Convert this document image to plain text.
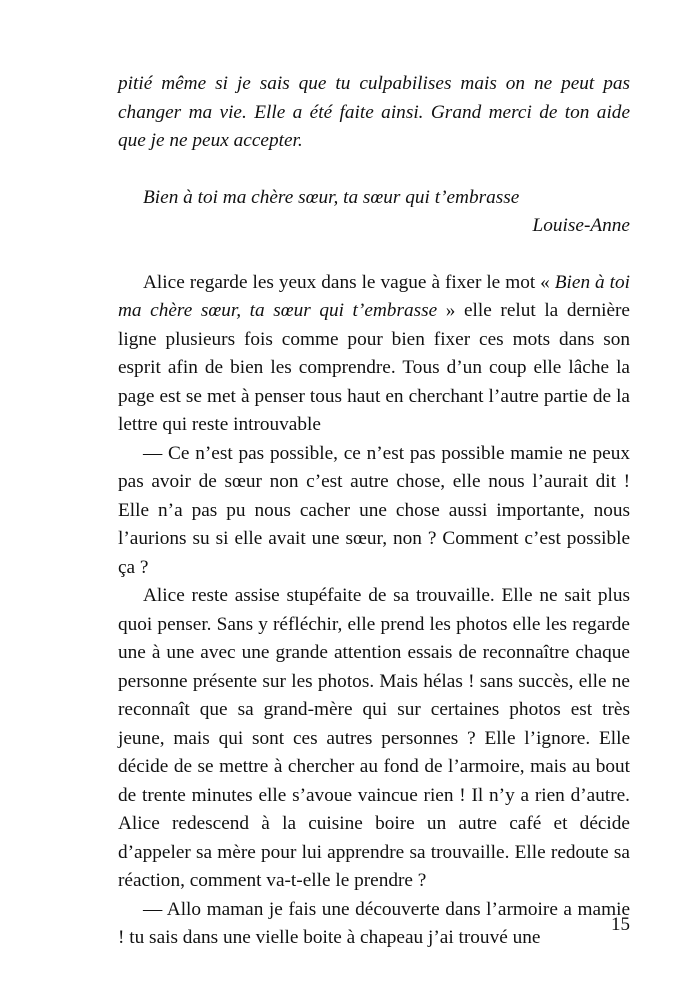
pitié même si je sais que tu culpabilises mais on ne peut pas changer ma vie. Elle a été faite ainsi. Grand merci de ton aide que je ne peux accepter.

Bien à toi ma chère sœur, ta sœur qui t’embrasse

Louise-Anne

Alice regarde les yeux dans le vague à fixer le mot « Bien à toi ma chère sœur, ta sœur qui t’embrasse » elle relut la dernière ligne plusieurs fois comme pour bien fixer ces mots dans son esprit afin de bien les comprendre. Tous d’un coup elle lâche la page est se met à penser tous haut en cherchant l’autre partie de la lettre qui reste introuvable

— Ce n’est pas possible, ce n’est pas possible mamie ne peux pas avoir de sœur non c’est autre chose, elle nous l’aurait dit ! Elle n’a pas pu nous cacher une chose aussi importante, nous l’aurions su si elle avait une sœur, non ? Comment c’est possible ça ?

Alice reste assise stupéfaite de sa trouvaille. Elle ne sait plus quoi penser. Sans y réfléchir, elle prend les photos elle les regarde une à une avec une grande attention essais de reconnaître chaque personne présente sur les photos. Mais hélas ! sans succès, elle ne reconnaît que sa grand-mère qui sur certaines photos est très jeune, mais qui sont ces autres personnes ? Elle l’ignore. Elle décide de se mettre à chercher au fond de l’armoire, mais au bout de trente minutes elle s’avoue vaincue rien ! Il n’y a rien d’autre. Alice redescend à la cuisine boire un autre café et décide d’appeler sa mère pour lui apprendre sa trouvaille. Elle redoute sa réaction, comment va-t-elle le prendre ?

— Allo maman je fais une découverte dans l’armoire a mamie ! tu sais dans une vielle boite à chapeau j’ai trouvé une

15
